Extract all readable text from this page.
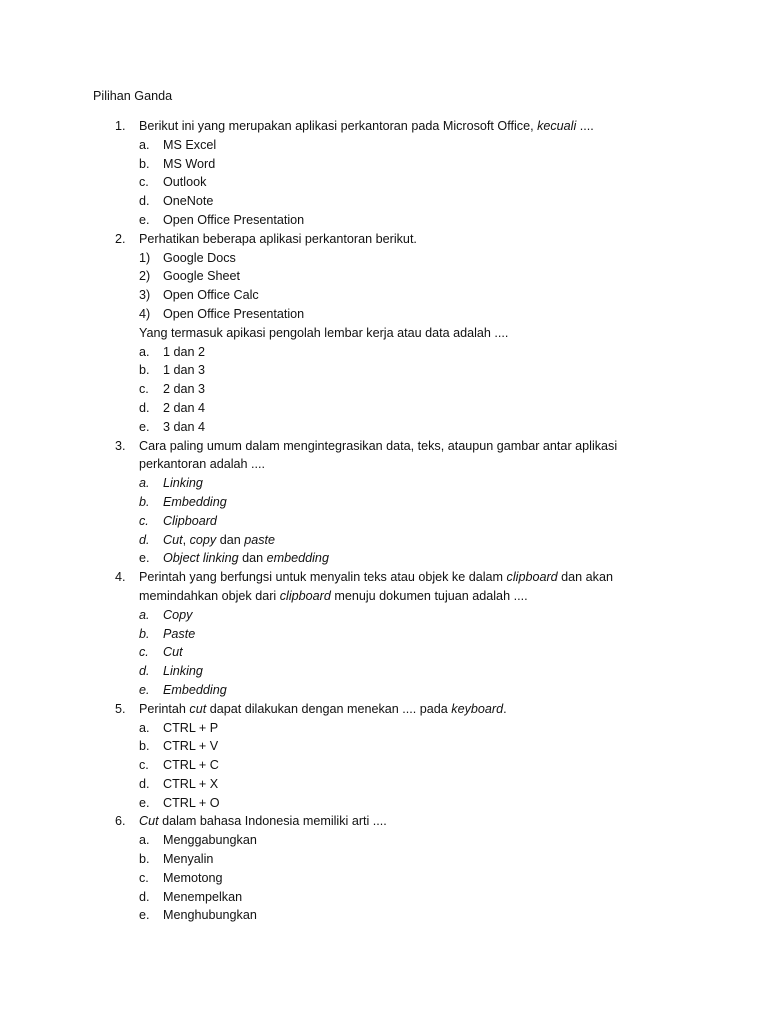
Pilihan Ganda
1. Berikut ini yang merupakan aplikasi perkantoran pada Microsoft Office, kecuali ....
a. MS Excel
b. MS Word
c. Outlook
d. OneNote
e. Open Office Presentation
2. Perhatikan beberapa aplikasi perkantoran berikut.
1) Google Docs
2) Google Sheet
3) Open Office Calc
4) Open Office Presentation
Yang termasuk apikasi pengolah lembar kerja atau data adalah ....
a. 1 dan 2
b. 1 dan 3
c. 2 dan 3
d. 2 dan 4
e. 3 dan 4
3. Cara paling umum dalam mengintegrasikan data, teks, ataupun gambar antar aplikasi
perkantoran adalah ....
a. Linking
b. Embedding
c. Clipboard
d. Cut, copy dan paste
e. Object linking dan embedding
4. Perintah yang berfungsi untuk menyalin teks atau objek ke dalam clipboard dan akan
memindahkan objek dari clipboard menuju dokumen tujuan adalah ....
a. Copy
b. Paste
c. Cut
d. Linking
e. Embedding
5. Perintah cut dapat dilakukan dengan menekan .... pada keyboard.
a. CTRL + P
b. CTRL + V
c. CTRL + C
d. CTRL + X
e. CTRL + O
6. Cut dalam bahasa Indonesia memiliki arti ....
a. Menggabungkan
b. Menyalin
c. Memotong
d. Menempelkan
e. Menghubungkan
